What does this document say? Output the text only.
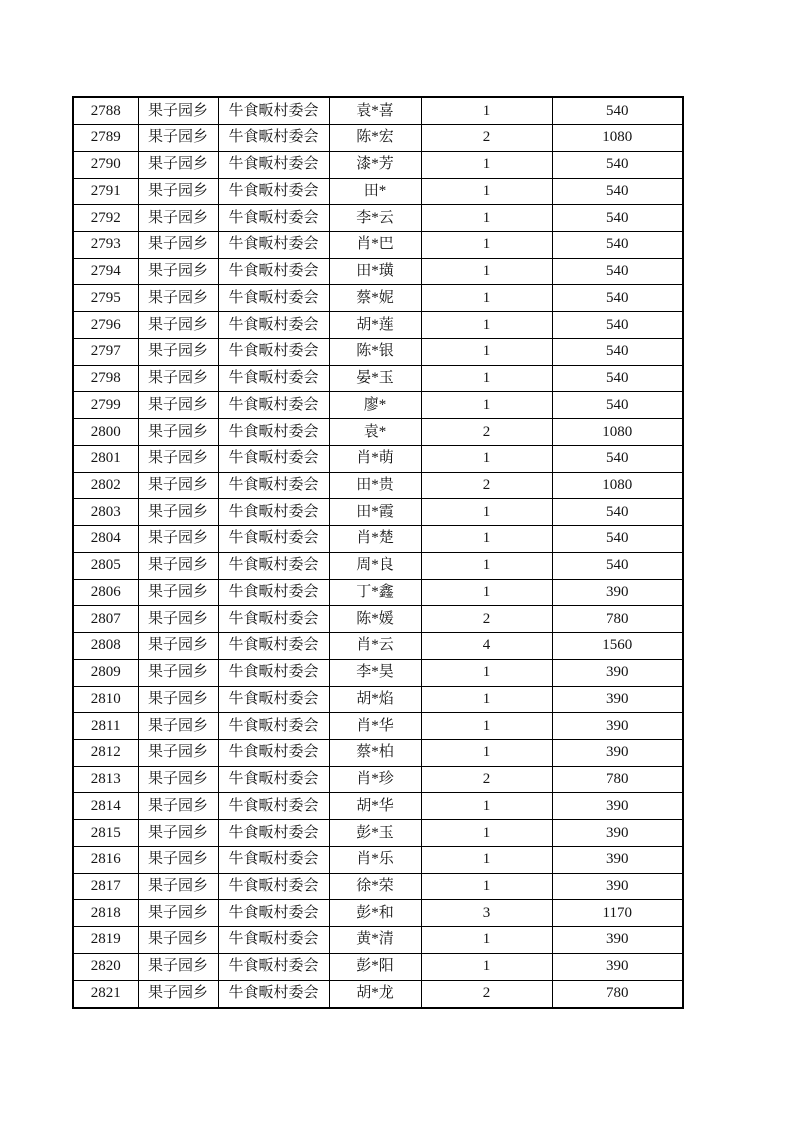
2788	果子园乡	牛食畈村委会	袁*喜	1	540
2789	果子园乡	牛食畈村委会	陈*宏	2	1080
2790	果子园乡	牛食畈村委会	漆*芳	1	540
2791	果子园乡	牛食畈村委会	田*	1	540
2792	果子园乡	牛食畈村委会	李*云	1	540
2793	果子园乡	牛食畈村委会	肖*巴	1	540
2794	果子园乡	牛食畈村委会	田*璜	1	540
2795	果子园乡	牛食畈村委会	蔡*妮	1	540
2796	果子园乡	牛食畈村委会	胡*莲	1	540
2797	果子园乡	牛食畈村委会	陈*银	1	540
2798	果子园乡	牛食畈村委会	晏*玉	1	540
2799	果子园乡	牛食畈村委会	廖*	1	540
2800	果子园乡	牛食畈村委会	袁*	2	1080
2801	果子园乡	牛食畈村委会	肖*萌	1	540
2802	果子园乡	牛食畈村委会	田*贵	2	1080
2803	果子园乡	牛食畈村委会	田*霞	1	540
2804	果子园乡	牛食畈村委会	肖*楚	1	540
2805	果子园乡	牛食畈村委会	周*良	1	540
2806	果子园乡	牛食畈村委会	丁*鑫	1	390
2807	果子园乡	牛食畈村委会	陈*媛	2	780
2808	果子园乡	牛食畈村委会	肖*云	4	1560
2809	果子园乡	牛食畈村委会	李*昊	1	390
2810	果子园乡	牛食畈村委会	胡*焰	1	390
2811	果子园乡	牛食畈村委会	肖*华	1	390
2812	果子园乡	牛食畈村委会	蔡*柏	1	390
2813	果子园乡	牛食畈村委会	肖*珍	2	780
2814	果子园乡	牛食畈村委会	胡*华	1	390
2815	果子园乡	牛食畈村委会	彭*玉	1	390
2816	果子园乡	牛食畈村委会	肖*乐	1	390
2817	果子园乡	牛食畈村委会	徐*荣	1	390
2818	果子园乡	牛食畈村委会	彭*和	3	1170
2819	果子园乡	牛食畈村委会	黄*清	1	390
2820	果子园乡	牛食畈村委会	彭*阳	1	390
2821	果子园乡	牛食畈村委会	胡*龙	2	780
